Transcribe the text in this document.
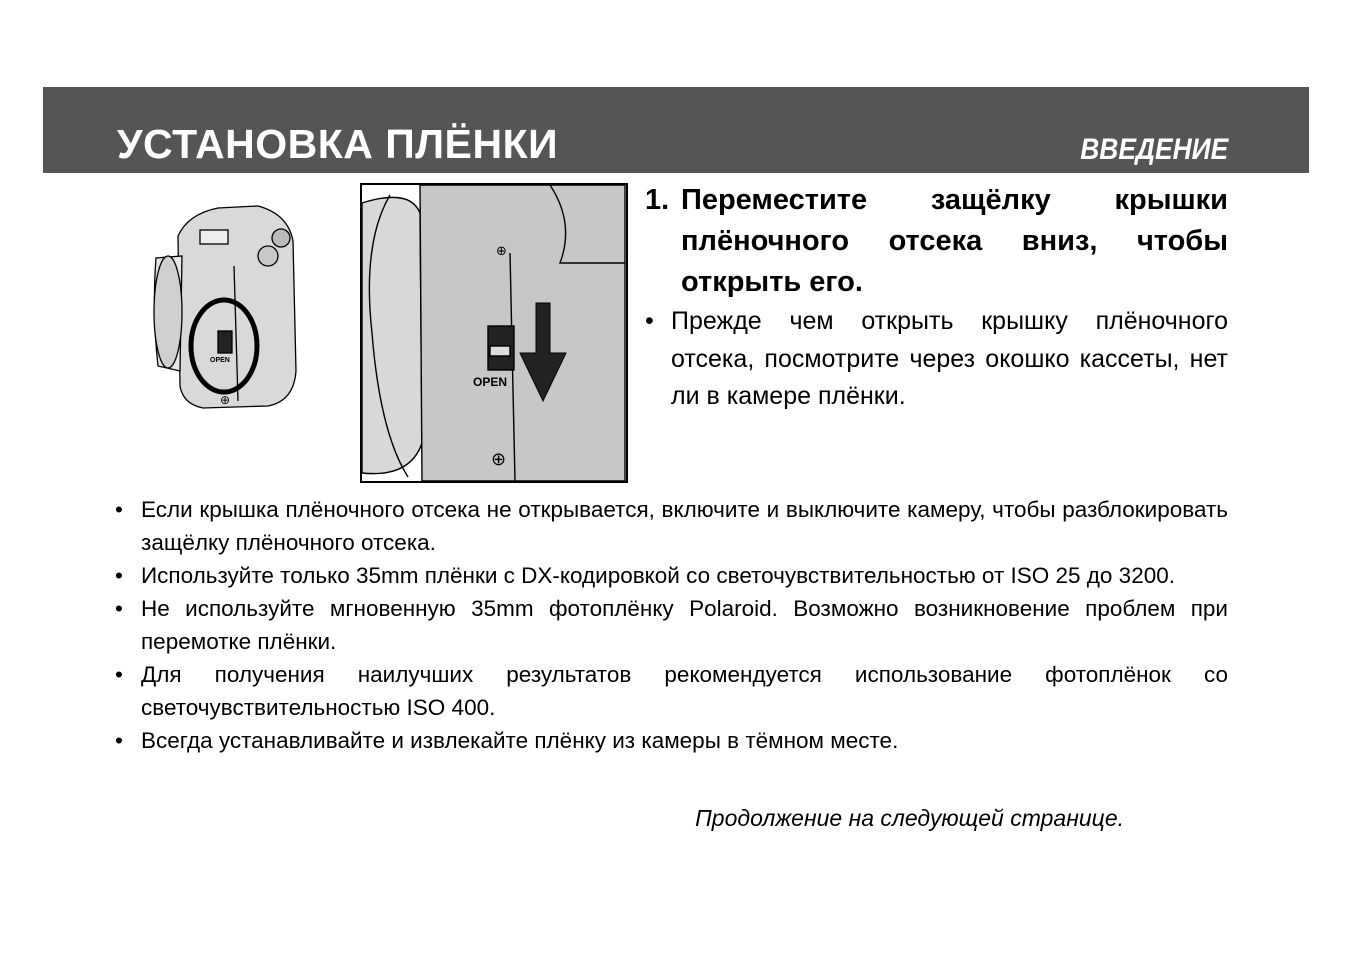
УСТАНОВКА ПЛЁНКИ	ВВЕДЕНИЕ
OPEN
⊕
OPEN
⊕
⊕
1. Переместите защёлку крышки плёночного отсека вниз, чтобы открыть его.
• Прежде чем открыть крышку плёночного отсека, посмотрите через окошко кассеты, нет ли в камере плёнки.
• Если крышка плёночного отсека не открывается, включите и выключите камеру, чтобы разблокировать защёлку плёночного отсека.
• Используйте только 35mm плёнки с DX-кодировкой со светочувствительностью от ISO 25 до 3200.
• Не используйте мгновенную 35mm фотоплёнку Polaroid. Возможно возникновение проблем при перемотке плёнки.
• Для получения наилучших результатов рекомендуется использование фотоплёнок со светочувствительностью ISO 400.
• Всегда устанавливайте и извлекайте плёнку из камеры в тёмном месте.
Продолжение на следующей странице.
